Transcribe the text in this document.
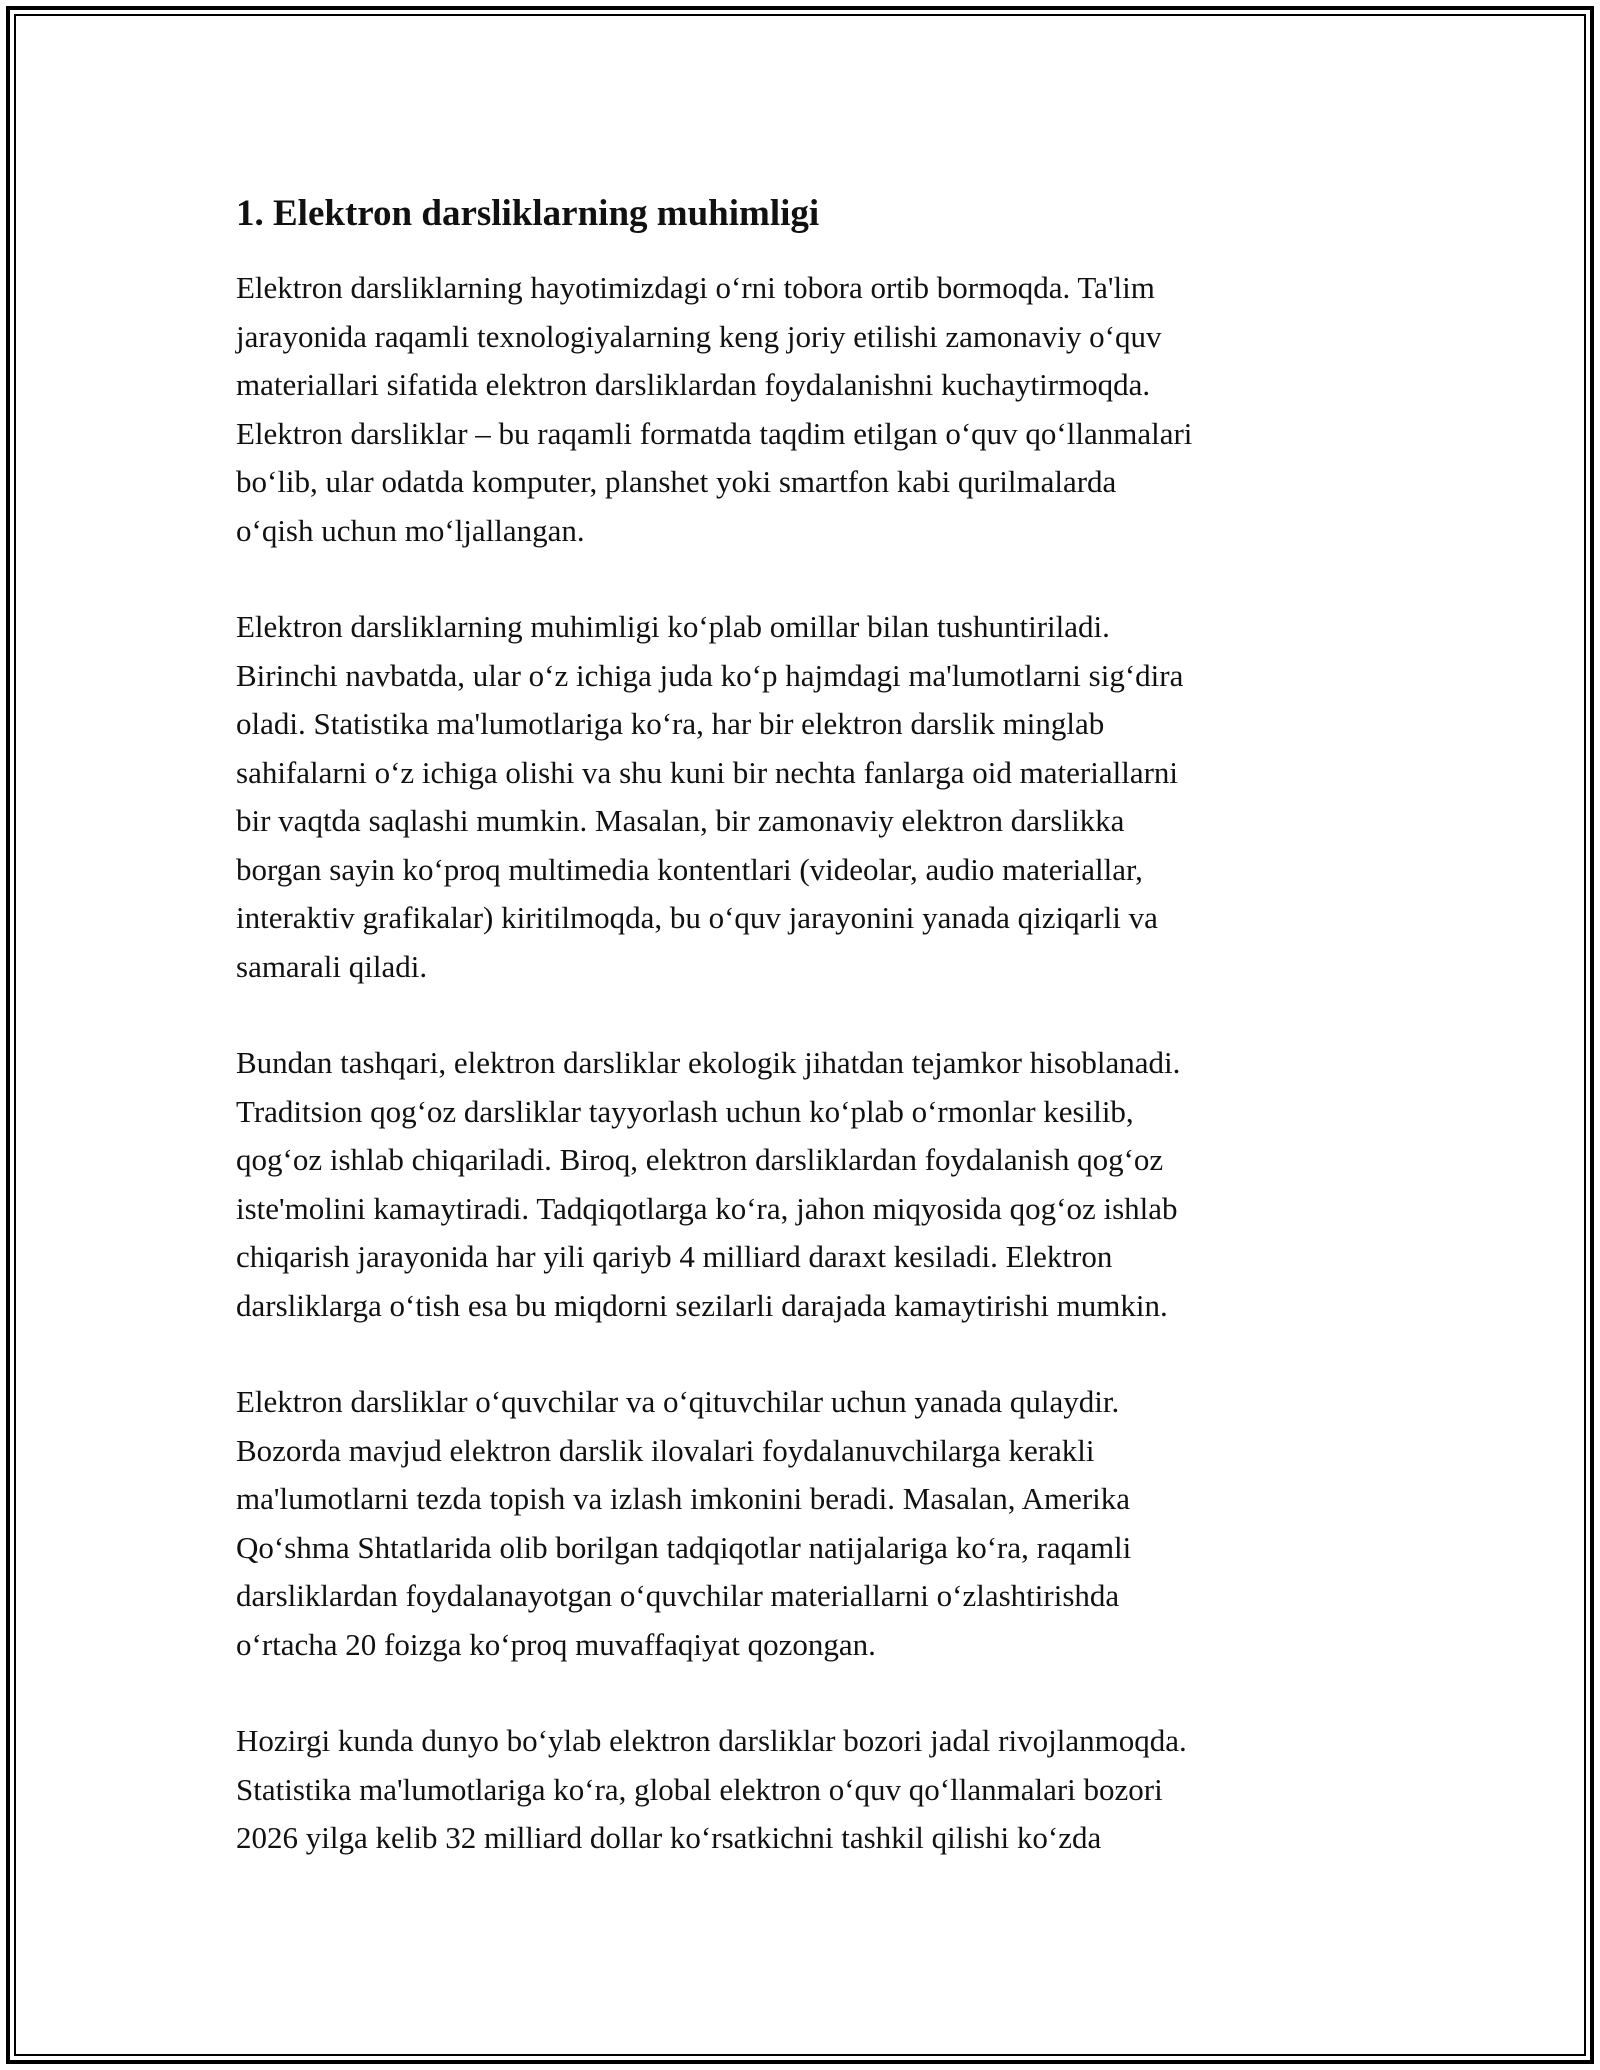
1. Elektron darsliklarning muhimligi
Elektron darsliklarning hayotimizdagi o‘rni tobora ortib bormoqda. Ta'lim
jarayonida raqamli texnologiyalarning keng joriy etilishi zamonaviy o‘quv
materiallari sifatida elektron darsliklardan foydalanishni kuchaytirmoqda.
Elektron darsliklar – bu raqamli formatda taqdim etilgan o‘quv qo‘llanmalari
bo‘lib, ular odatda komputer, planshet yoki smartfon kabi qurilmalarda
o‘qish uchun mo‘ljallangan.
Elektron darsliklarning muhimligi ko‘plab omillar bilan tushuntiriladi.
Birinchi navbatda, ular o‘z ichiga juda ko‘p hajmdagi ma'lumotlarni sig‘dira
oladi. Statistika ma'lumotlariga ko‘ra, har bir elektron darslik minglab
sahifalarni o‘z ichiga olishi va shu kuni bir nechta fanlarga oid materiallarni
bir vaqtda saqlashi mumkin. Masalan, bir zamonaviy elektron darslikka
borgan sayin ko‘proq multimedia kontentlari (videolar, audio materiallar,
interaktiv grafikalar) kiritilmoqda, bu o‘quv jarayonini yanada qiziqarli va
samarali qiladi.
Bundan tashqari, elektron darsliklar ekologik jihatdan tejamkor hisoblanadi.
Traditsion qog‘oz darsliklar tayyorlash uchun ko‘plab o‘rmonlar kesilib,
qog‘oz ishlab chiqariladi. Biroq, elektron darsliklardan foydalanish qog‘oz
iste'molini kamaytiradi. Tadqiqotlarga ko‘ra, jahon miqyosida qog‘oz ishlab
chiqarish jarayonida har yili qariyb 4 milliard daraxt kesiladi. Elektron
darsliklarga o‘tish esa bu miqdorni sezilarli darajada kamaytirishi mumkin.
Elektron darsliklar o‘quvchilar va o‘qituvchilar uchun yanada qulaydir.
Bozorda mavjud elektron darslik ilovalari foydalanuvchilarga kerakli
ma'lumotlarni tezda topish va izlash imkonini beradi. Masalan, Amerika
Qo‘shma Shtatlarida olib borilgan tadqiqotlar natijalariga ko‘ra, raqamli
darsliklardan foydalanayotgan o‘quvchilar materiallarni o‘zlashtirishda
o‘rtacha 20 foizga ko‘proq muvaffaqiyat qozongan.
Hozirgi kunda dunyo bo‘ylab elektron darsliklar bozori jadal rivojlanmoqda.
Statistika ma'lumotlariga ko‘ra, global elektron o‘quv qo‘llanmalari bozori
2026 yilga kelib 32 milliard dollar ko‘rsatkichni tashkil qilishi ko‘zda
